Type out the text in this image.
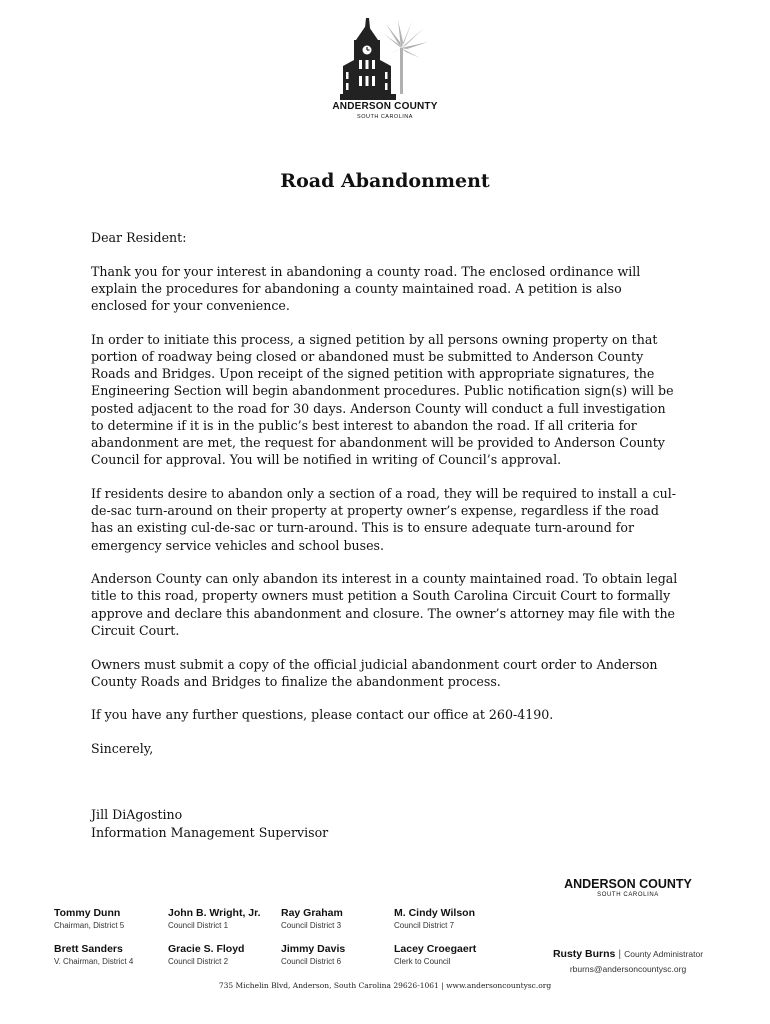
ANDERSON COUNTY
SOUTH CAROLINA
Road Abandonment

Dear Resident:

Thank you for your interest in abandoning a county road. The enclosed ordinance will explain the procedures for abandoning a county maintained road. A petition is also enclosed for your convenience.

In order to initiate this process, a signed petition by all persons owning property on that portion of roadway being closed or abandoned must be submitted to Anderson County Roads and Bridges. Upon receipt of the signed petition with appropriate signatures, the Engineering Section will begin abandonment procedures. Public notification sign(s) will be posted adjacent to the road for 30 days. Anderson County will conduct a full investigation to determine if it is in the public’s best interest to abandon the road. If all criteria for abandonment are met, the request for abandonment will be provided to Anderson County Council for approval. You will be notified in writing of Council’s approval.

If residents desire to abandon only a section of a road, they will be required to install a cul-de-sac turn-around on their property at property owner’s expense, regardless if the road has an existing cul-de-sac or turn-around. This is to ensure adequate turn-around for emergency service vehicles and school buses.

Anderson County can only abandon its interest in a county maintained road. To obtain legal title to this road, property owners must petition a South Carolina Circuit Court to formally approve and declare this abandonment and closure. The owner’s attorney may file with the Circuit Court.

Owners must submit a copy of the official judicial abandonment court order to Anderson County Roads and Bridges to finalize the abandonment process.

If you have any further questions, please contact our office at 260-4190.

Sincerely,

Jill DiAgostino
Information Management Supervisor

ANDERSON COUNTY
SOUTH CAROLINA
Tommy Dunn
Chairman, District 5
John B. Wright, Jr.
Council District 1
Ray Graham
Council District 3
M. Cindy Wilson
Council District 7
Brett Sanders
V. Chairman, District 4
Gracie S. Floyd
Council District 2
Jimmy Davis
Council District 6
Lacey Croegaert
Clerk to Council
Rusty Burns | County Administrator
rburns@andersoncountysc.org
735 Michelin Blvd, Anderson, South Carolina 29626-1061 | www.andersoncountysc.org
